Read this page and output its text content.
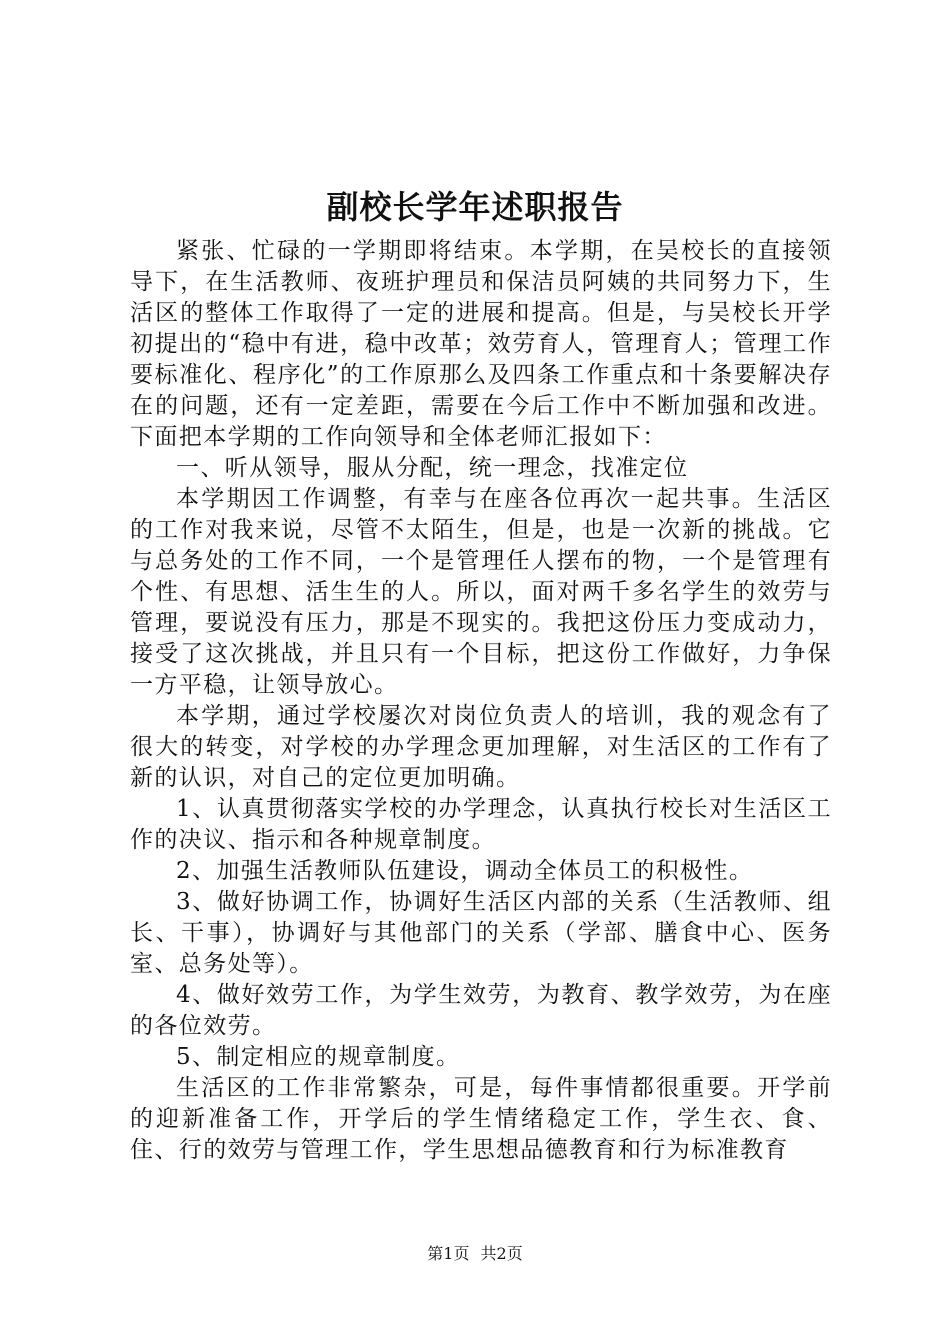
副校长学年述职报告

紧张、忙碌的一学期即将结束。本学期，在吴校长的直接领导下，在生活教师、夜班护理员和保洁员阿姨的共同努力下，生活区的整体工作取得了一定的进展和提高。但是，与吴校长开学初提出的“稳中有进，稳中改革；效劳育人，管理育人；管理工作要标准化、程序化”的工作原那么及四条工作重点和十条要解决存在的问题，还有一定差距，需要在今后工作中不断加强和改进。下面把本学期的工作向领导和全体老师汇报如下：

一、听从领导，服从分配，统一理念，找准定位

本学期因工作调整，有幸与在座各位再次一起共事。生活区的工作对我来说，尽管不太陌生，但是，也是一次新的挑战。它与总务处的工作不同，一个是管理任人摆布的物，一个是管理有个性、有思想、活生生的人。所以，面对两千多名学生的效劳与管理，要说没有压力，那是不现实的。我把这份压力变成动力，接受了这次挑战，并且只有一个目标，把这份工作做好，力争保一方平稳，让领导放心。

本学期，通过学校屡次对岗位负责人的培训，我的观念有了很大的转变，对学校的办学理念更加理解，对生活区的工作有了新的认识，对自己的定位更加明确。

1、认真贯彻落实学校的办学理念，认真执行校长对生活区工作的决议、指示和各种规章制度。

2、加强生活教师队伍建设，调动全体员工的积极性。

3、做好协调工作，协调好生活区内部的关系（生活教师、组长、干事），协调好与其他部门的关系（学部、膳食中心、医务室、总务处等）。

4、做好效劳工作，为学生效劳，为教育、教学效劳，为在座的各位效劳。

5、制定相应的规章制度。

生活区的工作非常繁杂，可是，每件事情都很重要。开学前的迎新准备工作，开学后的学生情绪稳定工作，学生衣、食、住、行的效劳与管理工作，学生思想品德教育和行为标准教育

第1页 共2页
